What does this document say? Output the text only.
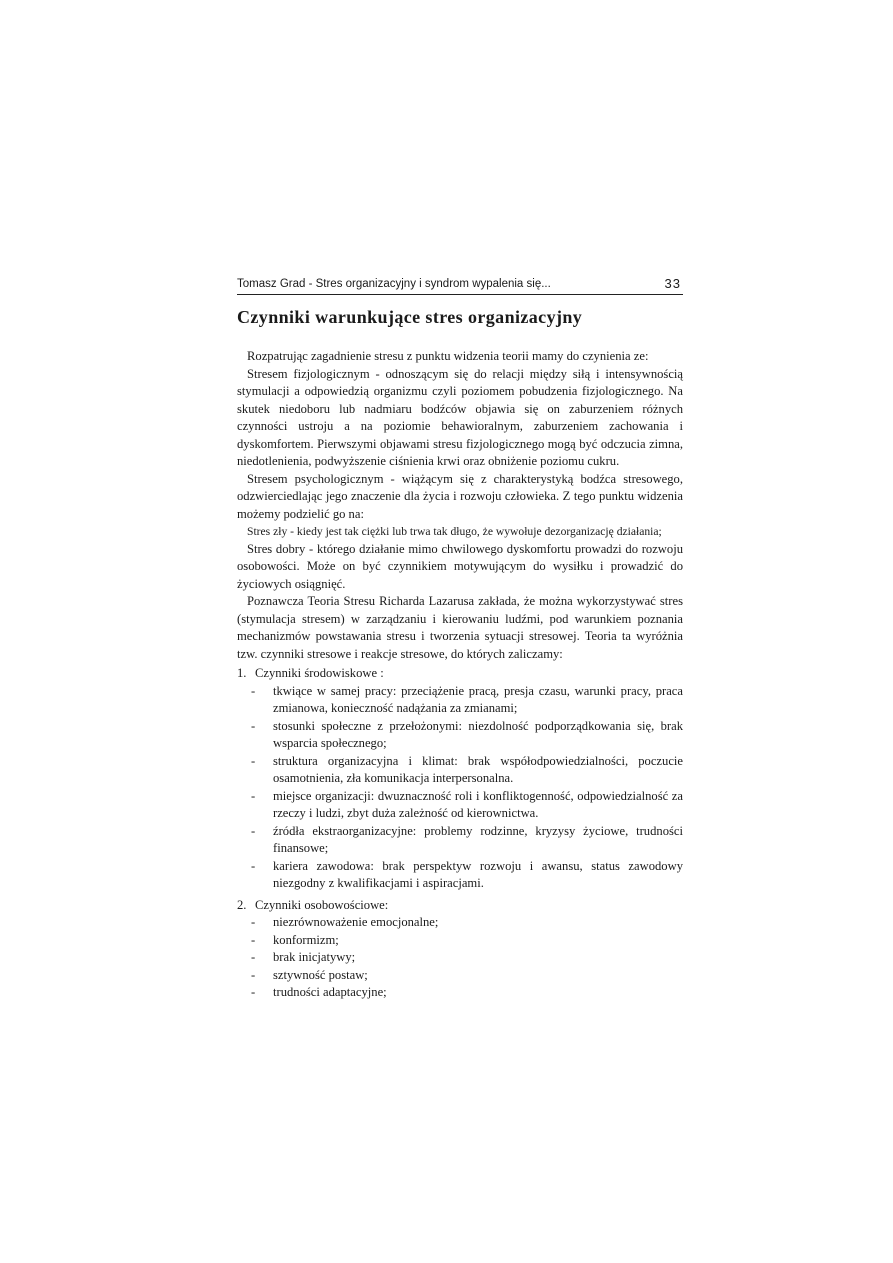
Tomasz Grad - Stres organizacyjny i syndrom wypalenia się...	33
Czynniki warunkujące stres organizacyjny

Rozpatrując zagadnienie stresu z punktu widzenia teorii mamy do czynienia ze:

Stresem fizjologicznym - odnoszącym się do relacji między siłą i intensywnością stymulacji a odpowiedzią organizmu czyli poziomem pobudzenia fizjologicznego. Na skutek niedoboru lub nadmiaru bodźców objawia się on zaburzeniem różnych czynności ustroju a na poziomie behawioralnym, zaburzeniem zachowania i dyskomfortem. Pierwszymi objawami stresu fizjologicznego mogą być odczucia zimna, niedotlenienia, podwyższenie ciśnienia krwi oraz obniżenie poziomu cukru.

Stresem psychologicznym - wiążącym się z charakterystyką bodźca stresowego, odzwierciedlając jego znaczenie dla życia i rozwoju człowieka. Z tego punktu widzenia możemy podzielić go na:

Stres zły - kiedy jest tak ciężki lub trwa tak długo, że wywołuje dezorganizację działania;

Stres dobry - którego działanie mimo chwilowego dyskomfortu prowadzi do rozwoju osobowości. Może on być czynnikiem motywującym do wysiłku i prowadzić do życiowych osiągnięć.

Poznawcza Teoria Stresu Richarda Lazarusa zakłada, że można wykorzystywać stres (stymulacja stresem) w zarządzaniu i kierowaniu ludźmi, pod warunkiem poznania mechanizmów powstawania stresu i tworzenia sytuacji stresowej. Teoria ta wyróżnia tzw. czynniki stresowe i reakcje stresowe, do których zaliczamy:

1. Czynniki środowiskowe :
- tkwiące w samej pracy: przeciążenie pracą, presja czasu, warunki pracy, praca zmianowa, konieczność nadążania za zmianami;
- stosunki społeczne z przełożonymi: niezdolność podporządkowania się, brak wsparcia społecznego;
- struktura organizacyjna i klimat: brak współodpowiedzialności, poczucie osamotnienia, zła komunikacja interpersonalna.
- miejsce organizacji: dwuznaczność roli i konfliktogenność, odpowiedzialność za rzeczy i ludzi, zbyt duża zależność od kierownictwa.
- źródła ekstraorganizacyjne: problemy rodzinne, kryzysy życiowe, trudności finansowe;
- kariera zawodowa: brak perspektyw rozwoju i awansu, status zawodowy niezgodny z kwalifikacjami i aspiracjami.
2. Czynniki osobowościowe:
- niezrównoważenie emocjonalne;
- konformizm;
- brak inicjatywy;
- sztywność postaw;
- trudności adaptacyjne;
